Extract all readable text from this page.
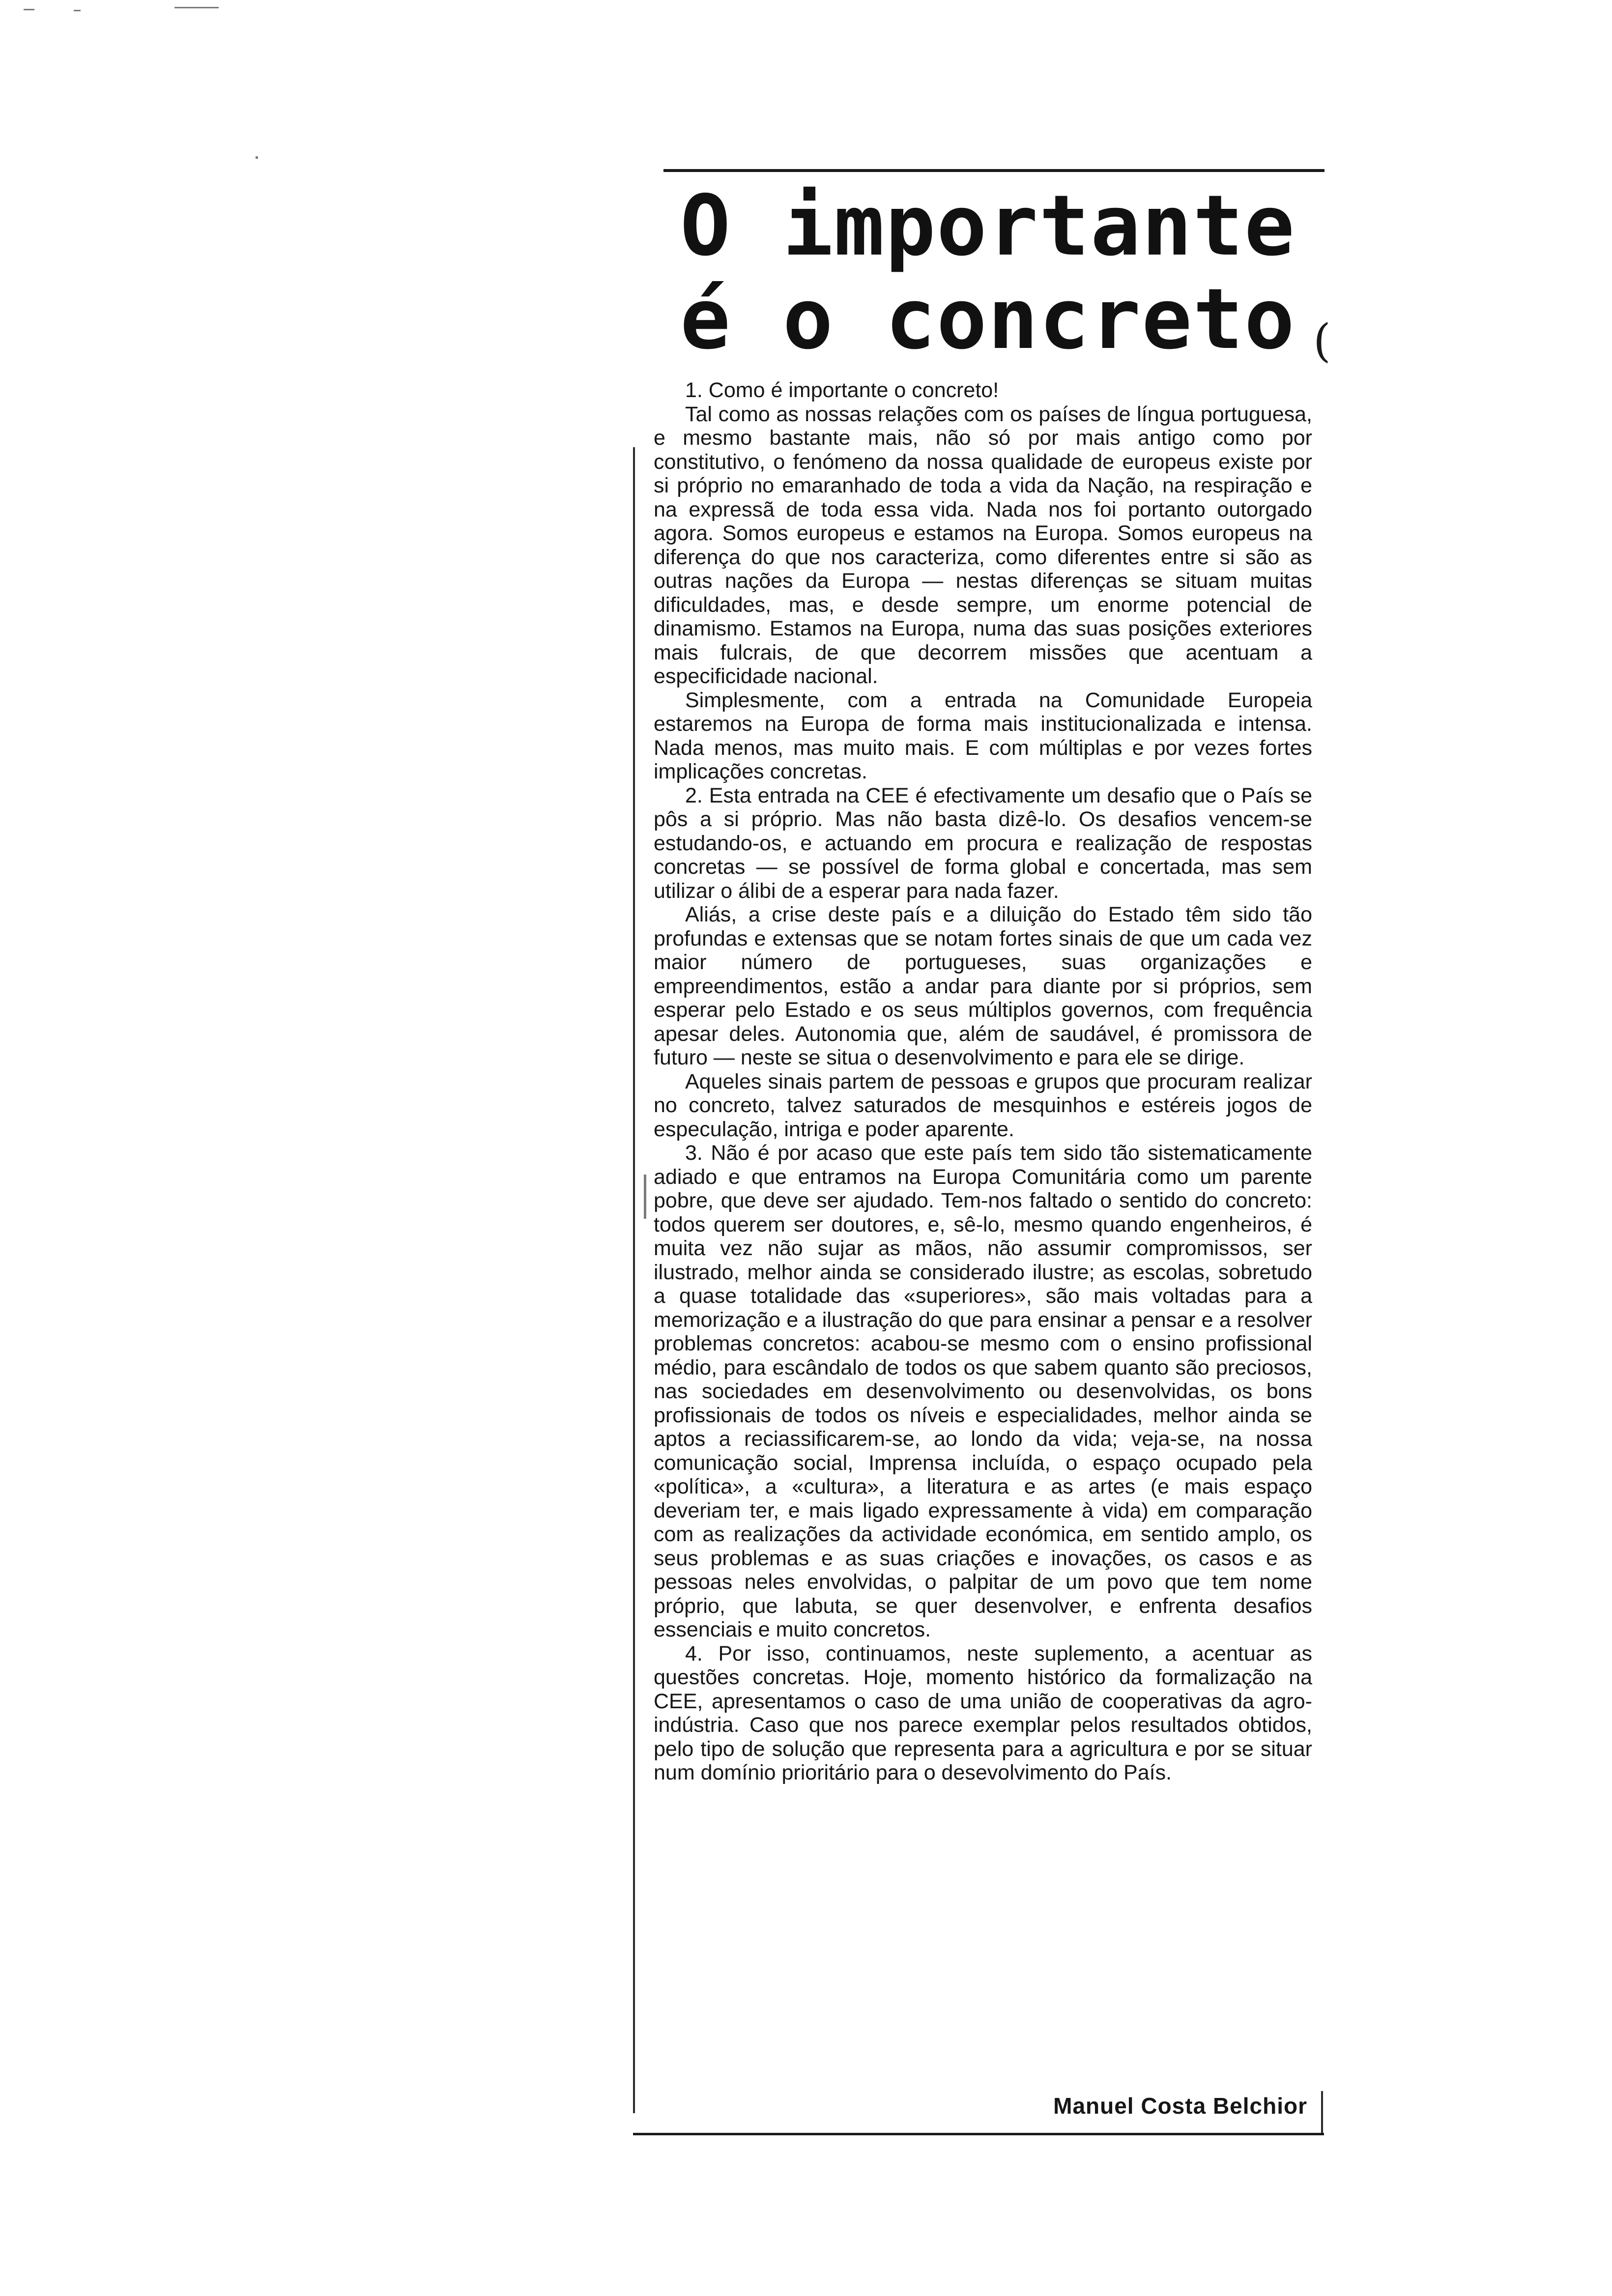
O importante
é o concreto (

1. Como é importante o concreto!

Tal como as nossas relações com os países de língua portuguesa, e mesmo bastante mais, não só por mais antigo como por constitutivo, o fenómeno da nossa qualidade de europeus existe por si próprio no emaranhado de toda a vida da Nação, na respiração e na expressã de toda essa vida. Nada nos foi portanto outorgado agora. Somos europeus e estamos na Europa. Somos europeus na diferença do que nos caracteriza, como diferentes entre si são as outras nações da Europa — nestas diferenças se situam muitas dificuldades, mas, e desde sempre, um enorme potencial de dinamismo. Estamos na Europa, numa das suas posições exteriores mais fulcrais, de que decorrem missões que acentuam a especificidade nacional.

Simplesmente, com a entrada na Comunidade Europeia estaremos na Europa de forma mais institucionalizada e intensa. Nada menos, mas muito mais. E com múltiplas e por vezes fortes implicações concretas.

2. Esta entrada na CEE é efectivamente um desafio que o País se pôs a si próprio. Mas não basta dizê-lo. Os desafios vencem-se estudando-os, e actuando em procura e realização de respostas concretas — se possível de forma global e concertada, mas sem utilizar o álibi de a esperar para nada fazer.

Aliás, a crise deste país e a diluição do Estado têm sido tão profundas e extensas que se notam fortes sinais de que um cada vez maior número de portugueses, suas organizações e empreendimentos, estão a andar para diante por si próprios, sem esperar pelo Estado e os seus múltiplos governos, com frequência apesar deles. Autonomia que, além de saudável, é promissora de futuro — neste se situa o desenvolvimento e para ele se dirige.

Aqueles sinais partem de pessoas e grupos que procuram realizar no concreto, talvez saturados de mesquinhos e estéreis jogos de especulação, intriga e poder aparente.

3. Não é por acaso que este país tem sido tão sistematicamente adiado e que entramos na Europa Comunitária como um parente pobre, que deve ser ajudado. Tem-nos faltado o sentido do concreto: todos querem ser doutores, e, sê-lo, mesmo quando engenheiros, é muita vez não sujar as mãos, não assumir compromissos, ser ilustrado, melhor ainda se considerado ilustre; as escolas, sobretudo a quase totalidade das «superiores», são mais voltadas para a memorização e a ilustração do que para ensinar a pensar e a resolver problemas concretos: acabou-se mesmo com o ensino profissional médio, para escândalo de todos os que sabem quanto são preciosos, nas sociedades em desenvolvimento ou desenvolvidas, os bons profissionais de todos os níveis e especialidades, melhor ainda se aptos a reciassificarem-se, ao londo da vida; veja-se, na nossa comunicação social, Imprensa incluída, o espaço ocupado pela «política», a «cultura», a literatura e as artes (e mais espaço deveriam ter, e mais ligado expressamente à vida) em comparação com as realizações da actividade económica, em sentido amplo, os seus problemas e as suas criações e inovações, os casos e as pessoas neles envolvidas, o palpitar de um povo que tem nome próprio, que labuta, se quer desenvolver, e enfrenta desafios essenciais e muito concretos.

4. Por isso, continuamos, neste suplemento, a acentuar as questões concretas. Hoje, momento histórico da formalização na CEE, apresentamos o caso de uma união de cooperativas da agro-indústria. Caso que nos parece exemplar pelos resultados obtidos, pelo tipo de solução que representa para a agricultura e por se situar num domínio prioritário para o desevolvimento do País.

Manuel Costa Belchior
